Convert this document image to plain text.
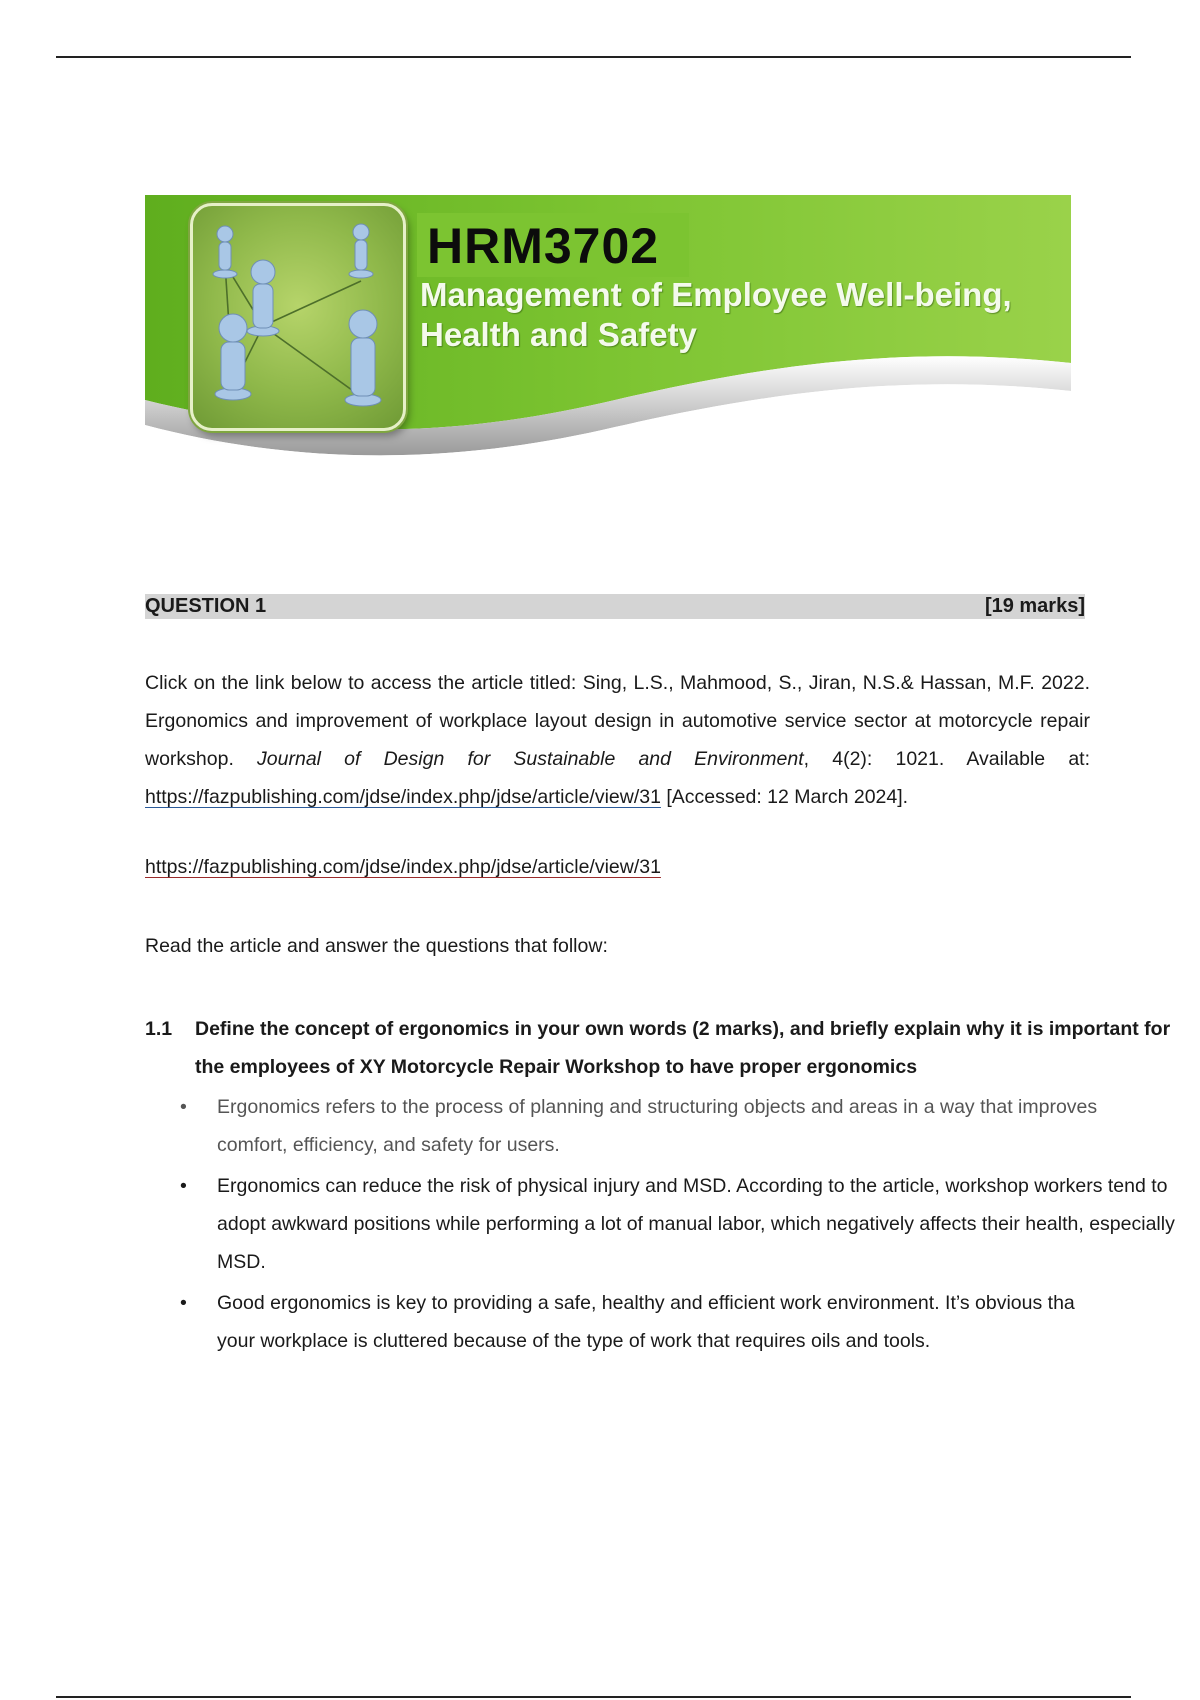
HRM3702
Management of Employee Well-being,
Health and Safety
QUESTION 1	[19 marks]
Click on the link below to access the article titled: Sing, L.S., Mahmood, S., Jiran, N.S.& Hassan, M.F. 2022. Ergonomics and improvement of workplace layout design in automotive service sector at motorcycle repair workshop. Journal of Design for Sustainable and Environment, 4(2): 1021. Available at: https://fazpublishing.com/jdse/index.php/jdse/article/view/31 [Accessed: 12 March 2024].
https://fazpublishing.com/jdse/index.php/jdse/article/view/31
Read the article and answer the questions that follow:
1.1 Define the concept of ergonomics in your own words (2 marks), and briefly explain why it is important for the employees of XY Motorcycle Repair Workshop to have proper ergonomics
• Ergonomics refers to the process of planning and structuring objects and areas in a way that improves comfort, efficiency, and safety for users.
• Ergonomics can reduce the risk of physical injury and MSD. According to the article, workshop workers tend to adopt awkward positions while performing a lot of manual labor, which negatively affects their health, especially MSD.
• Good ergonomics is key to providing a safe, healthy and efficient work environment. It’s obvious tha
your workplace is cluttered because of the type of work that requires oils and tools.
